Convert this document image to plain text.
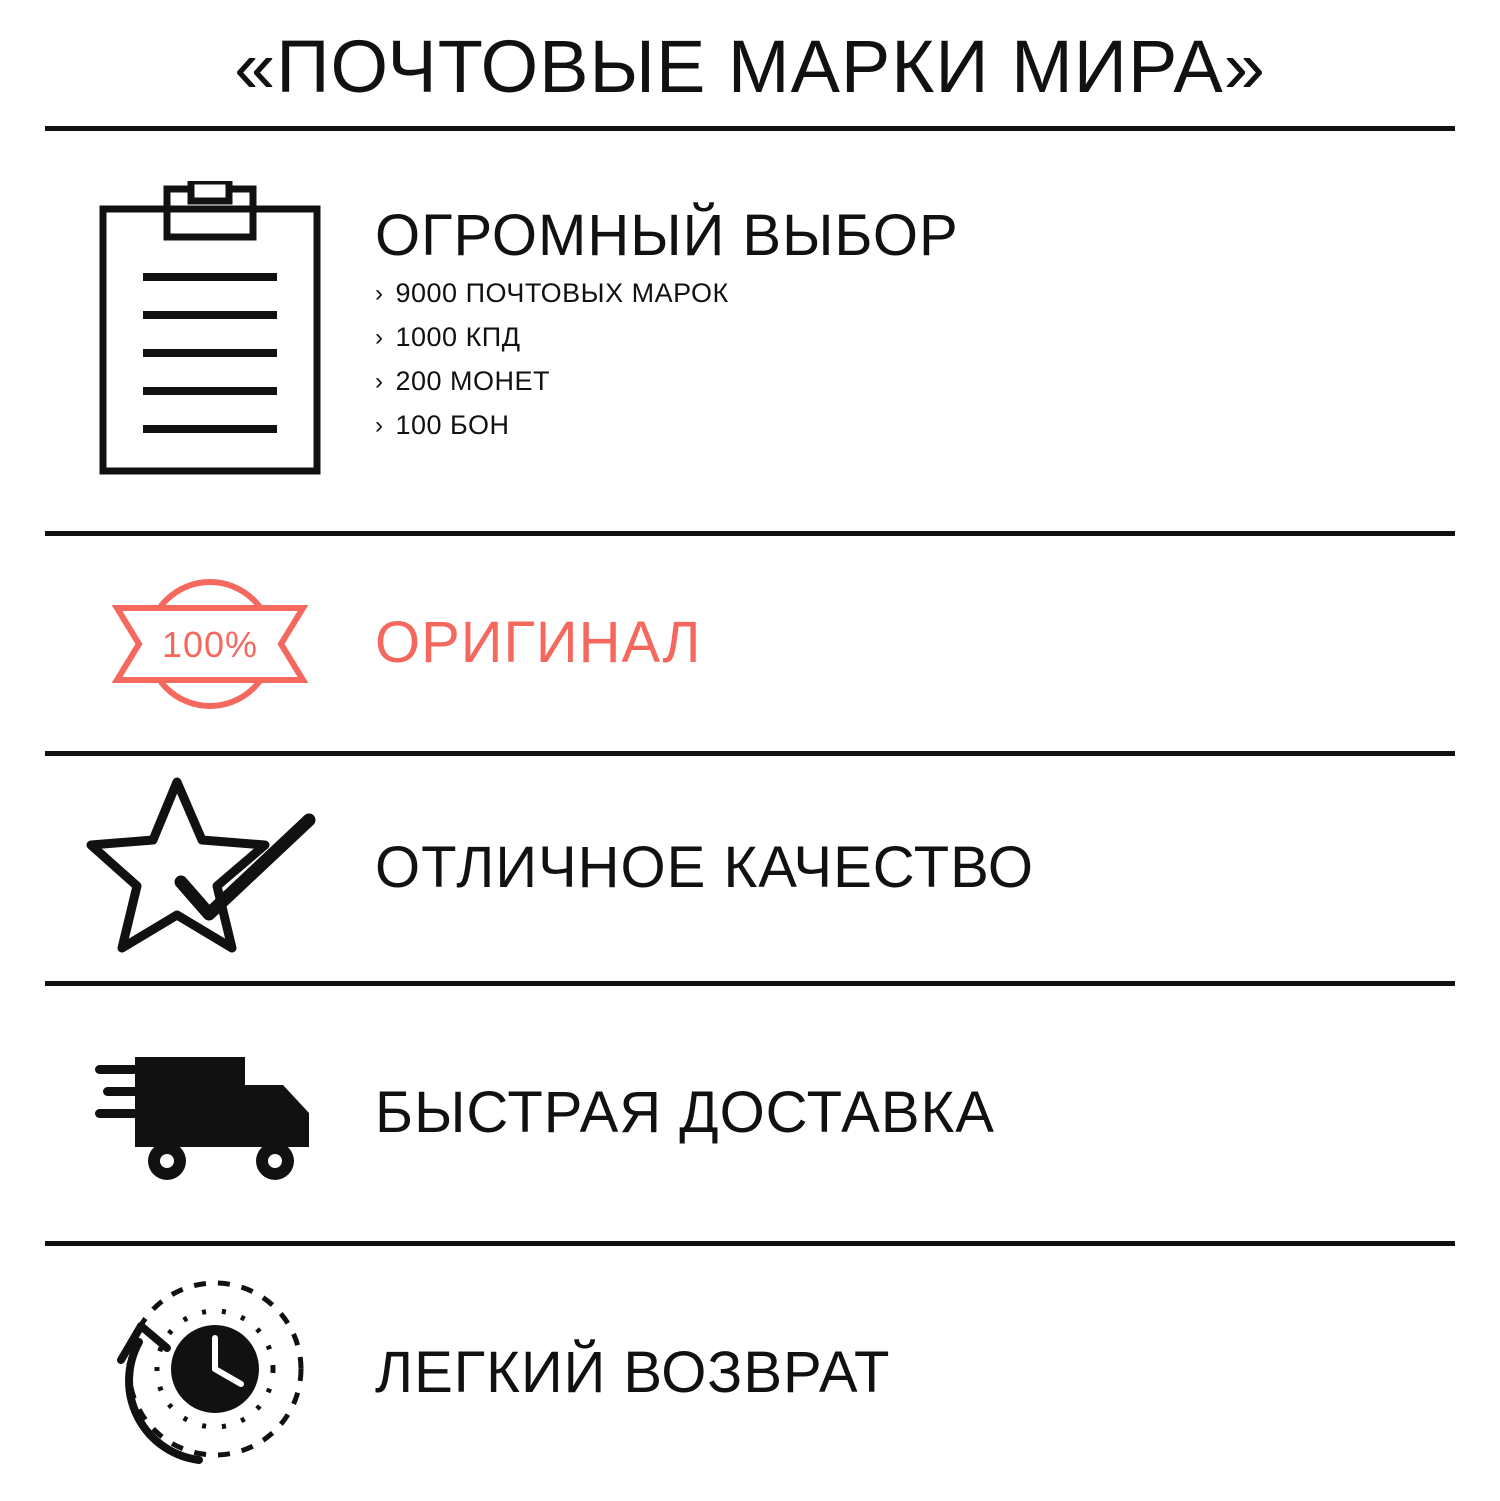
«ПОЧТОВЫЕ МАРКИ МИРА»
ОГРОМНЫЙ ВЫБОР
› 9000 ПОЧТОВЫХ МАРОК
› 1000 КПД
› 200 МОНЕТ
› 100 БОН
100% ОРИГИНАЛ
ОТЛИЧНОЕ КАЧЕСТВО
БЫСТРАЯ ДОСТАВКА
ЛЕГКИЙ ВОЗВРАТ
